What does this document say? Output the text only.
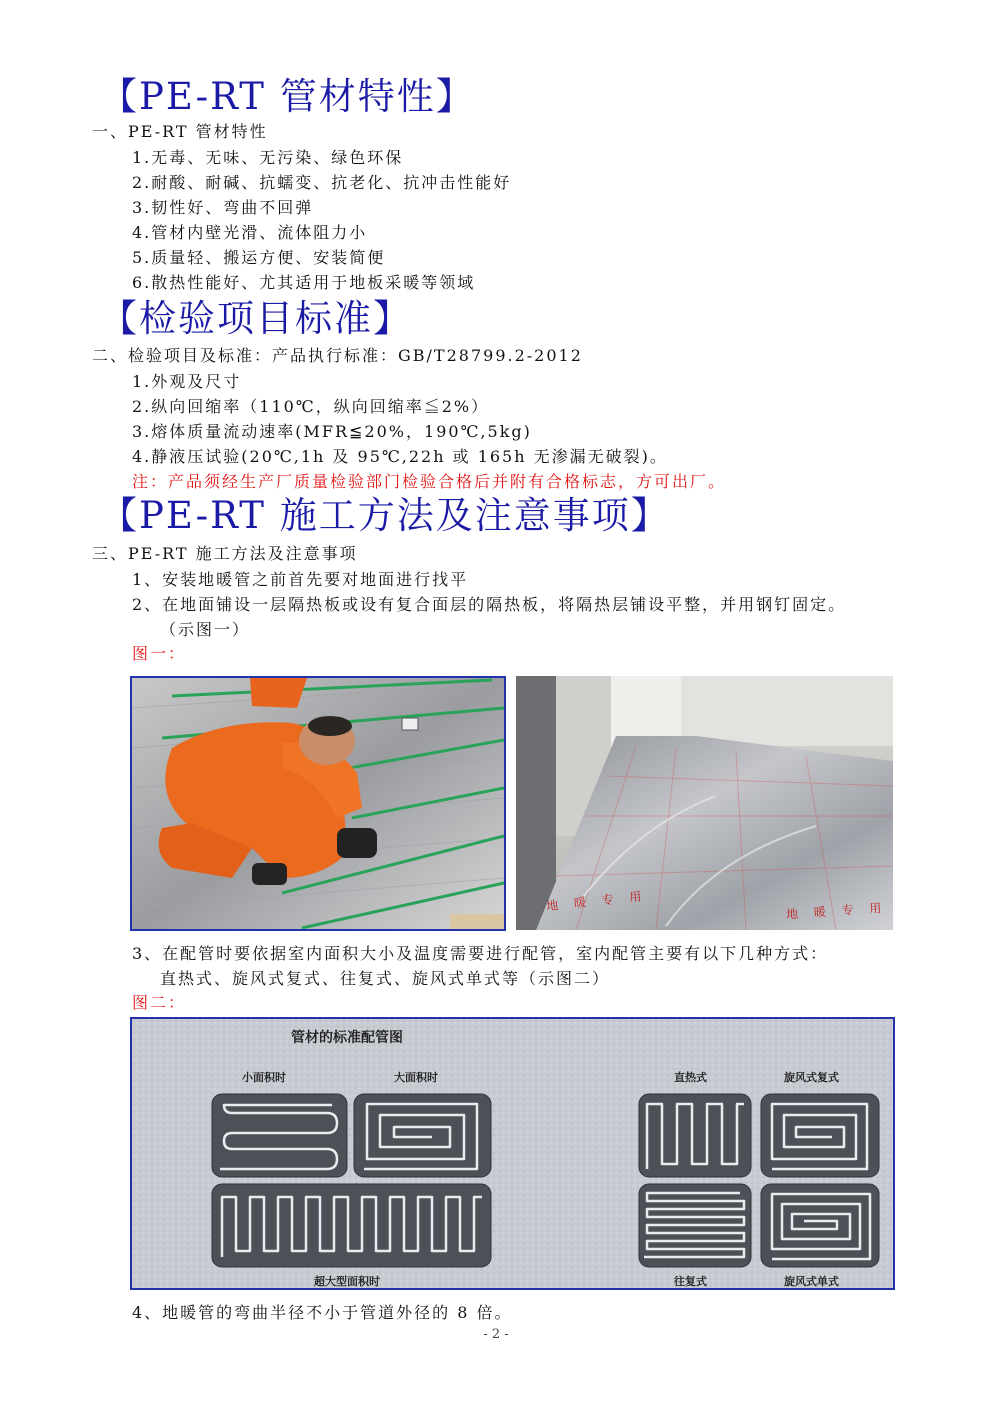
【PE-RT 管材特性】
一、PE-RT 管材特性
1.无毒、无味、无污染、绿色环保
2.耐酸、耐碱、抗蠕变、抗老化、抗冲击性能好
3.韧性好、弯曲不回弹
4.管材内壁光滑、流体阻力小
5.质量轻、搬运方便、安装简便
6.散热性能好、尤其适用于地板采暖等领域
【检验项目标准】
二、检验项目及标准：产品执行标准：GB/T28799.2-2012
1.外观及尺寸
2.纵向回缩率（110℃，纵向回缩率≦2%）
3.熔体质量流动速率(MFR≦20%，190℃,5kg)
4.静液压试验(20℃,1h 及 95℃,22h 或 165h 无渗漏无破裂)。
注：产品须经生产厂质量检验部门检验合格后并附有合格标志，方可出厂。
【PE-RT 施工方法及注意事项】
三、PE-RT 施工方法及注意事项
1、安装地暖管之前首先要对地面进行找平
2、在地面铺设一层隔热板或设有复合面层的隔热板，将隔热层铺设平整，并用钢钉固定。
（示图一）
图一：
地 暖 专 用	地 暖 专 用
3、在配管时要依据室内面积大小及温度需要进行配管，室内配管主要有以下几种方式：
直热式、旋风式复式、往复式、旋风式单式等（示图二）
图二：
管材的标准配管图
小面积时	大面积时
超大型面积时
直热式	旋风式复式
往复式	旋风式单式
4、地暖管的弯曲半径不小于管道外径的 8 倍。
- 2 -
